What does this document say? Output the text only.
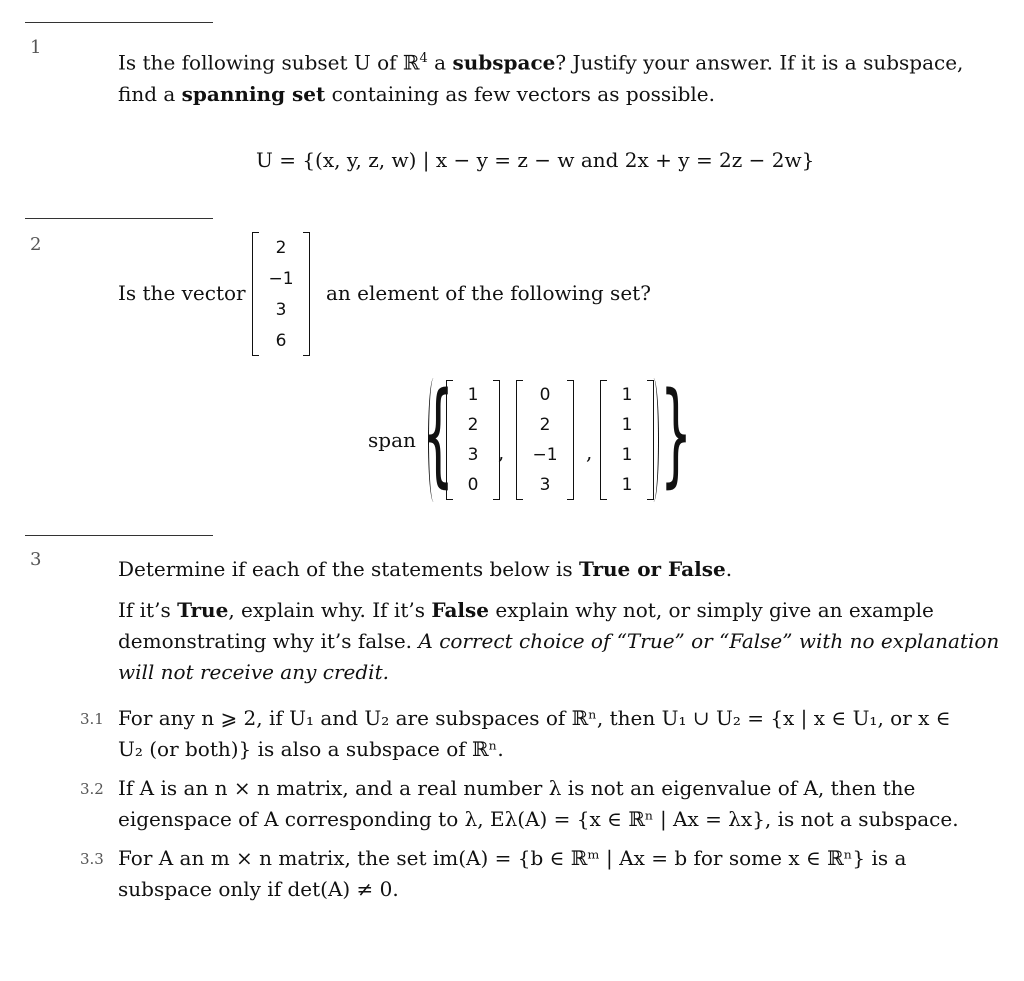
1
Is the following subset U of ℝ$^4$ a subspace? Justify your answer. If it is a subspace,
find a spanning set containing as few vectors as possible.
U = {(x, y, z, w) | x − y = z − w and 2x + y = 2z − 2w}
2
Is the vector
2
−1
3
6
an element of the following set?
span { 1
2
3
0
,
0
2
−1
3
,
1
1
1
1 }
3	Determine if each of the statements below is True or False.
If it’s True, explain why. If it’s False explain why not, or simply give an example
demonstrating why it’s false. A correct choice of “True” or “False” with no explanation
will not receive any credit.
3.1 For any n ⩾ 2, if U₁ and U₂ are subspaces of ℝⁿ, then U₁ ∪ U₂ = {x | x ∈ U₁, or x ∈
U₂ (or both)} is also a subspace of ℝⁿ.
3.2 If A is an n × n matrix, and a real number λ is not an eigenvalue of A, then the
eigenspace of A corresponding to λ, Eλ(A) = {x ∈ ℝⁿ | Ax = λx}, is not a subspace.
3.3 For A an m × n matrix, the set im(A) = {b ∈ ℝᵐ | Ax = b for some x ∈ ℝⁿ} is a
subspace only if det(A) ≠ 0.
